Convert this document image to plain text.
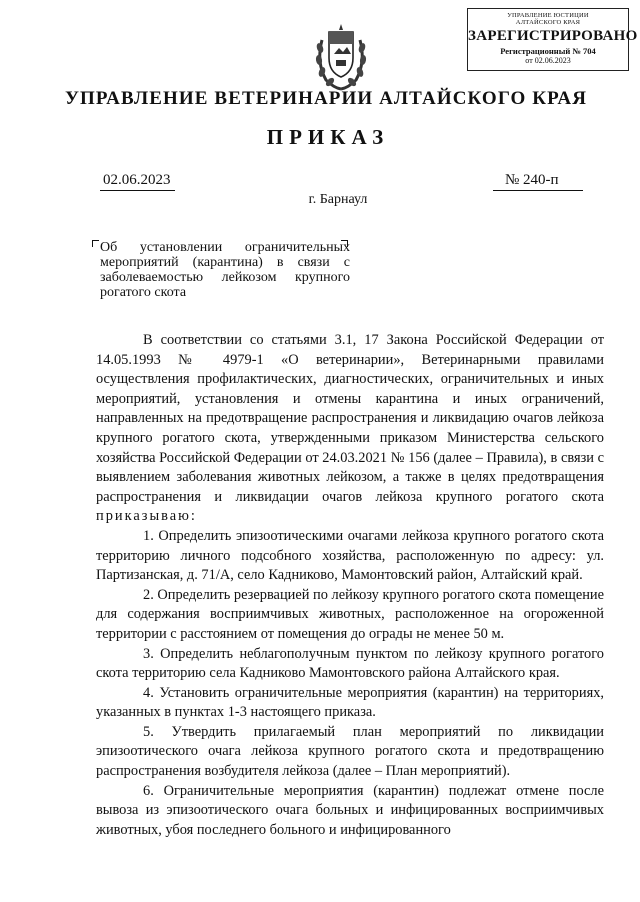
УПРАВЛЕНИЕ ЮСТИЦИИ
АЛТАЙСКОГО КРАЯ
ЗАРЕГИСТРИРОВАНО
Регистрационный № 704
от 02.06.2023
УПРАВЛЕНИЕ ВЕТЕРИНАРИИ АЛТАЙСКОГО КРАЯ
ПРИКАЗ
02.06.2023	№ 240-п
г. Барнаул
Об установлении ограничительных мероприятий (карантина) в связи с заболеваемостью лейкозом крупного рогатого скота

В соответствии со статьями 3.1, 17 Закона Российской Федерации от 14.05.1993 № 4979-1 «О ветеринарии», Ветеринарными правилами осуществления профилактических, диагностических, ограничительных и иных мероприятий, установления и отмены карантина и иных ограничений, направленных на предотвращение распространения и ликвидацию очагов лейкоза крупного рогатого скота, утвержденными приказом Министерства сельского хозяйства Российской Федерации от 24.03.2021 № 156 (далее – Правила), в связи с выявлением заболевания животных лейкозом, а также в целях предотвращения распространения и ликвидации очагов лейкоза крупного рогатого скота приказываю:

1. Определить эпизоотическими очагами лейкоза крупного рогатого скота территорию личного подсобного хозяйства, расположенную по адресу: ул. Партизанская, д. 71/А, село Кадниково, Мамонтовский район, Алтайский край.

2. Определить резервацией по лейкозу крупного рогатого скота помещение для содержания восприимчивых животных, расположенное на огороженной территории с расстоянием от помещения до ограды не менее 50 м.

3. Определить неблагополучным пунктом по лейкозу крупного рогатого скота территорию села Кадниково Мамонтовского района Алтайского края.

4. Установить ограничительные мероприятия (карантин) на территориях, указанных в пунктах 1-3 настоящего приказа.

5. Утвердить прилагаемый план мероприятий по ликвидации эпизоотического очага лейкоза крупного рогатого скота и предотвращению распространения возбудителя лейкоза (далее – План мероприятий).

6. Ограничительные мероприятия (карантин) подлежат отмене после вывоза из эпизоотического очага больных и инфицированных восприимчивых животных, убоя последнего больного и инфицированного
